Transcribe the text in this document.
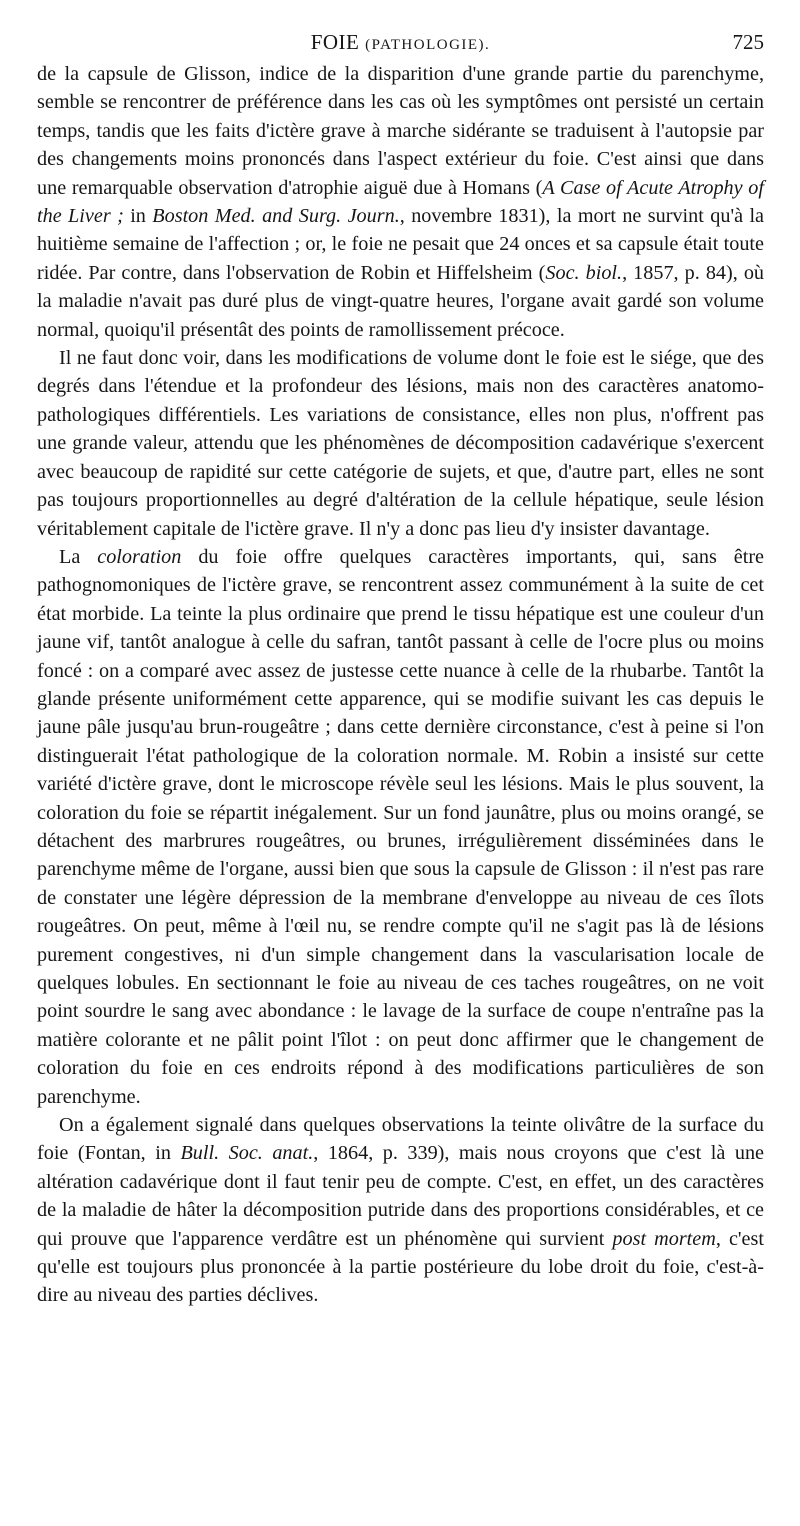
FOIE (PATHOLOGIE).	725

de la capsule de Glisson, indice de la disparition d'une grande partie du parenchyme, semble se rencontrer de préférence dans les cas où les symptômes ont persisté un certain temps, tandis que les faits d'ictère grave à marche sidérante se traduisent à l'autopsie par des changements moins prononcés dans l'aspect extérieur du foie. C'est ainsi que dans une remarquable observation d'atrophie aiguë due à Homans (A Case of Acute Atrophy of the Liver ; in Boston Med. and Surg. Journ., novembre 1831), la mort ne survint qu'à la huitième semaine de l'affection ; or, le foie ne pesait que 24 onces et sa capsule était toute ridée. Par contre, dans l'observation de Robin et Hiffelsheim (Soc. biol., 1857, p. 84), où la maladie n'avait pas duré plus de vingt-quatre heures, l'organe avait gardé son volume normal, quoiqu'il présentât des points de ramollissement précoce.

Il ne faut donc voir, dans les modifications de volume dont le foie est le siége, que des degrés dans l'étendue et la profondeur des lésions, mais non des caractères anatomo-pathologiques différentiels. Les variations de consistance, elles non plus, n'offrent pas une grande valeur, attendu que les phénomènes de décomposition cadavérique s'exercent avec beaucoup de rapidité sur cette catégorie de sujets, et que, d'autre part, elles ne sont pas toujours proportionnelles au degré d'altération de la cellule hépatique, seule lésion véritablement capitale de l'ictère grave. Il n'y a donc pas lieu d'y insister davantage.

La coloration du foie offre quelques caractères importants, qui, sans être pathognomoniques de l'ictère grave, se rencontrent assez communément à la suite de cet état morbide. La teinte la plus ordinaire que prend le tissu hépatique est une couleur d'un jaune vif, tantôt analogue à celle du safran, tantôt passant à celle de l'ocre plus ou moins foncé : on a comparé avec assez de justesse cette nuance à celle de la rhubarbe. Tantôt la glande présente uniformément cette apparence, qui se modifie suivant les cas depuis le jaune pâle jusqu'au brun-rougeâtre ; dans cette dernière circonstance, c'est à peine si l'on distinguerait l'état pathologique de la coloration normale. M. Robin a insisté sur cette variété d'ictère grave, dont le microscope révèle seul les lésions. Mais le plus souvent, la coloration du foie se répartit inégalement. Sur un fond jaunâtre, plus ou moins orangé, se détachent des marbrures rougeâtres, ou brunes, irrégulièrement disséminées dans le parenchyme même de l'organe, aussi bien que sous la capsule de Glisson : il n'est pas rare de constater une légère dépression de la membrane d'enveloppe au niveau de ces îlots rougeâtres. On peut, même à l'œil nu, se rendre compte qu'il ne s'agit pas là de lésions purement congestives, ni d'un simple changement dans la vascularisation locale de quelques lobules. En sectionnant le foie au niveau de ces taches rougeâtres, on ne voit point sourdre le sang avec abondance : le lavage de la surface de coupe n'entraîne pas la matière colorante et ne pâlit point l'îlot : on peut donc affirmer que le changement de coloration du foie en ces endroits répond à des modifications particulières de son parenchyme.

On a également signalé dans quelques observations la teinte olivâtre de la surface du foie (Fontan, in Bull. Soc. anat., 1864, p. 339), mais nous croyons que c'est là une altération cadavérique dont il faut tenir peu de compte. C'est, en effet, un des caractères de la maladie de hâter la décomposition putride dans des proportions considérables, et ce qui prouve que l'apparence verdâtre est un phénomène qui survient post mortem, c'est qu'elle est toujours plus prononcée à la partie postérieure du lobe droit du foie, c'est-à-dire au niveau des parties déclives.
